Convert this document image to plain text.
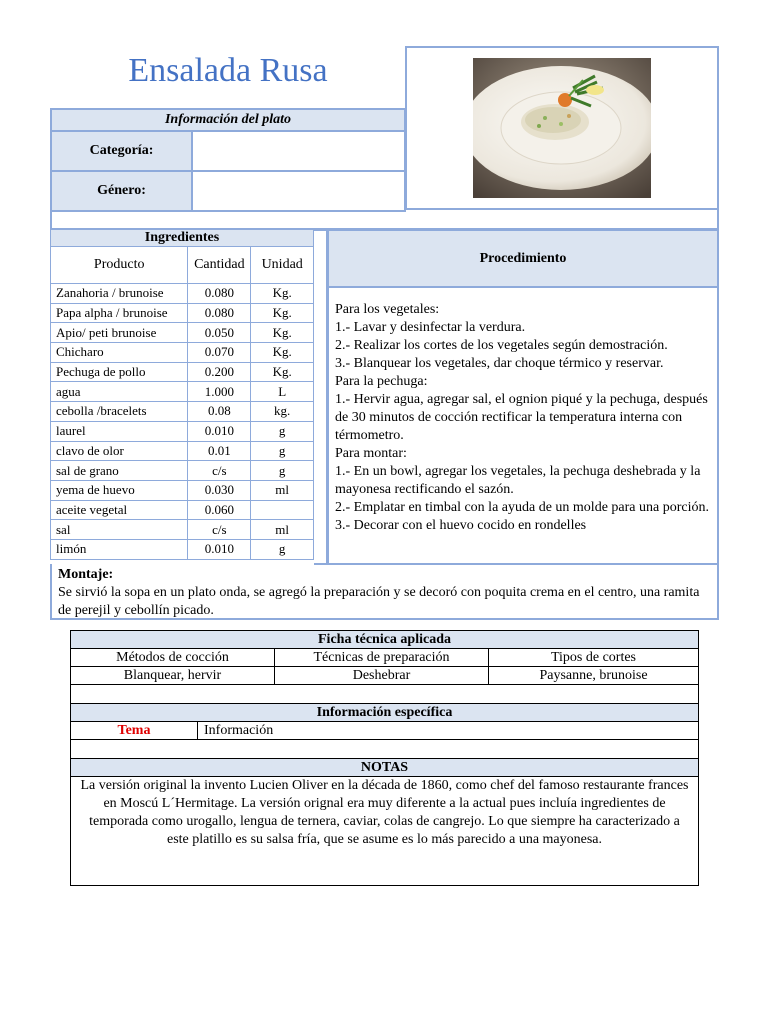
Ensalada Rusa
Información del plato	
Categoría:	
Género:	
Ingredientes		
Producto	Cantidad	Unidad
Zanahoria / brunoise	0.080	Kg.
Papa alpha / brunoise	0.080	Kg.
Apio/ peti brunoise	0.050	Kg.
Chicharo	0.070	Kg.
Pechuga de pollo	0.200	Kg.
agua	1.000	L
cebolla /bracelets	0.08	kg.
laurel	0.010	g
clavo de olor	0.01	g
sal de grano	c/s	g
yema de huevo	0.030	ml
aceite vegetal	0.060	
sal	c/s	ml
limón	0.010	g
Procedimiento
Para los vegetales:
1.- Lavar y desinfectar la verdura.
2.- Realizar los cortes de los vegetales según demostración.
3.- Blanquear los vegetales, dar choque térmico y reservar.
Para la pechuga:
1.- Hervir agua, agregar sal, el ognion piqué y la pechuga, después de 30 minutos de cocción rectificar la temperatura interna con térmometro.
Para montar:
1.- En un bowl, agregar los vegetales, la pechuga deshebrada y la mayonesa rectificando el sazón.
2.- Emplatar en timbal con la ayuda de un molde para una porción.
3.- Decorar con el huevo cocido en rondelles
Montaje:
Se sirvió la sopa en un plato onda, se agregó la preparación y se decoró con poquita crema en el centro, una ramita de perejil y cebollín picado.
Ficha técnica aplicada			
Métodos de cocción		Técnicas de preparación	Tipos de cortes
Blanquear, hervir		Deshebrar	Paysanne, brunoise

Información específica			
Tema	Información		

NOTAS			
La versión original la invento Lucien Oliver en la década de 1860, como chef del famoso restaurante frances en Moscú L´Hermitage. La versión orignal era muy diferente a la actual pues incluía ingredientes de temporada como urogallo, lengua de ternera, caviar, colas de cangrejo. Lo que siempre ha caracterizado a este platillo es su salsa fría, que se asume es lo más parecido a una mayonesa.			
